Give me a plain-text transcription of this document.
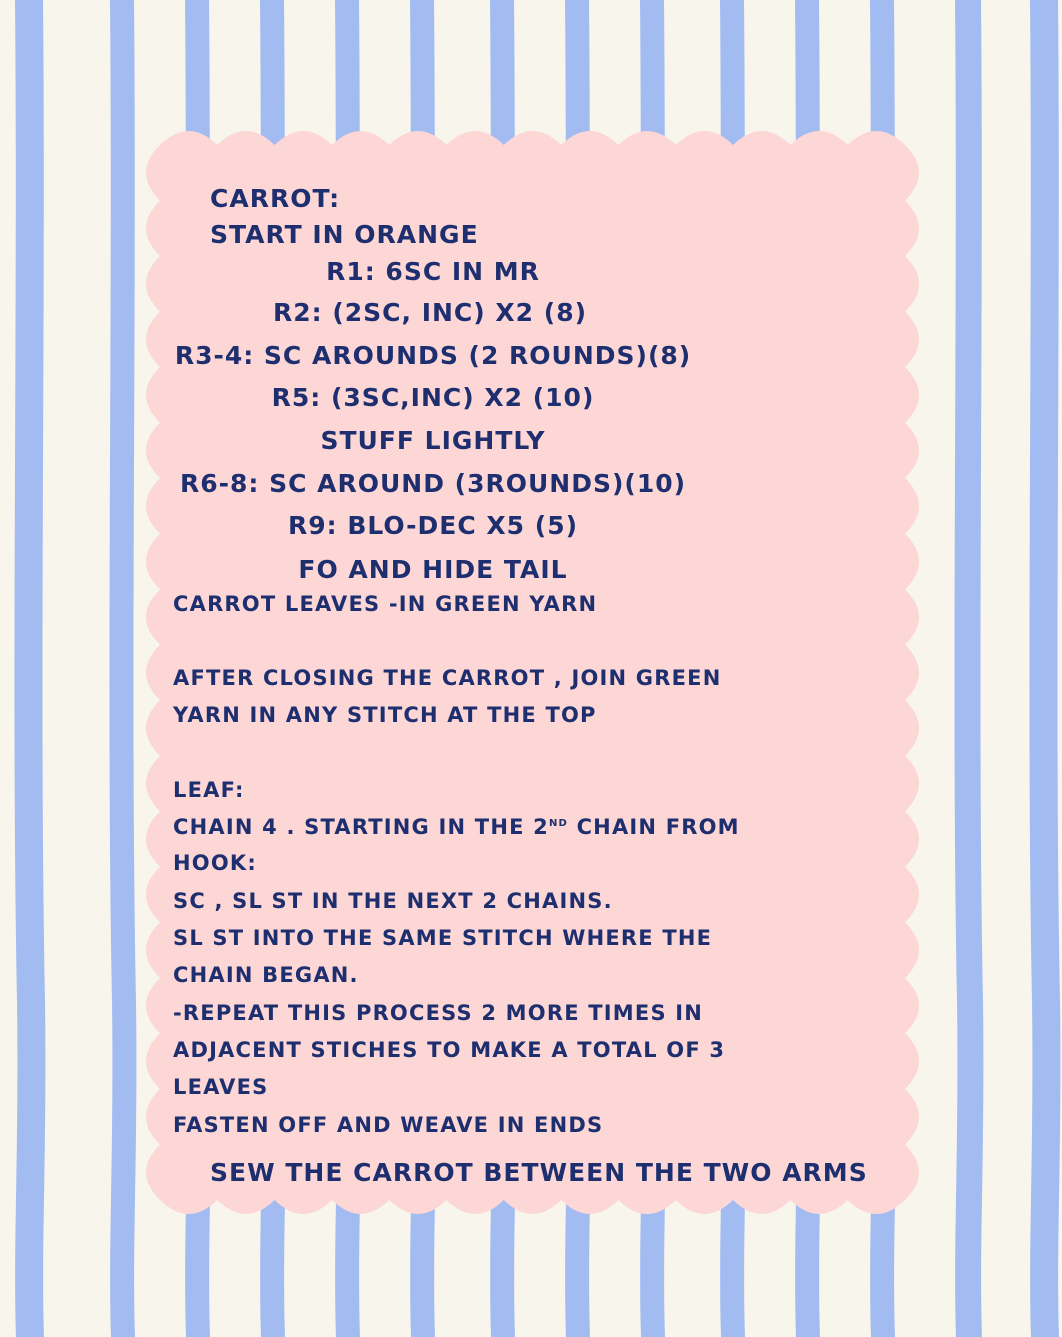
CARROT:
START IN ORANGE
R1: 6SC IN MR
R2: (2SC, INC) X2 (8)
R3-4: SC AROUNDS (2 ROUNDS)(8)
R5: (3SC,INC) X2 (10)
STUFF LIGHTLY
R6-8: SC AROUND (3ROUNDS)(10)
R9: BLO-DEC X5 (5)
FO AND HIDE TAIL
CARROT LEAVES -IN GREEN YARN
AFTER CLOSING THE CARROT , JOIN GREEN
YARN IN ANY STITCH AT THE TOP
LEAF:
CHAIN 4 . STARTING IN THE 2ND CHAIN FROM
HOOK:
SC , SL ST IN THE NEXT 2 CHAINS.
SL ST INTO THE SAME STITCH WHERE THE
CHAIN BEGAN.
-REPEAT THIS PROCESS 2 MORE TIMES IN
ADJACENT STICHES TO MAKE A TOTAL OF 3
LEAVES
FASTEN OFF AND WEAVE IN ENDS
SEW THE CARROT BETWEEN THE TWO ARMS
